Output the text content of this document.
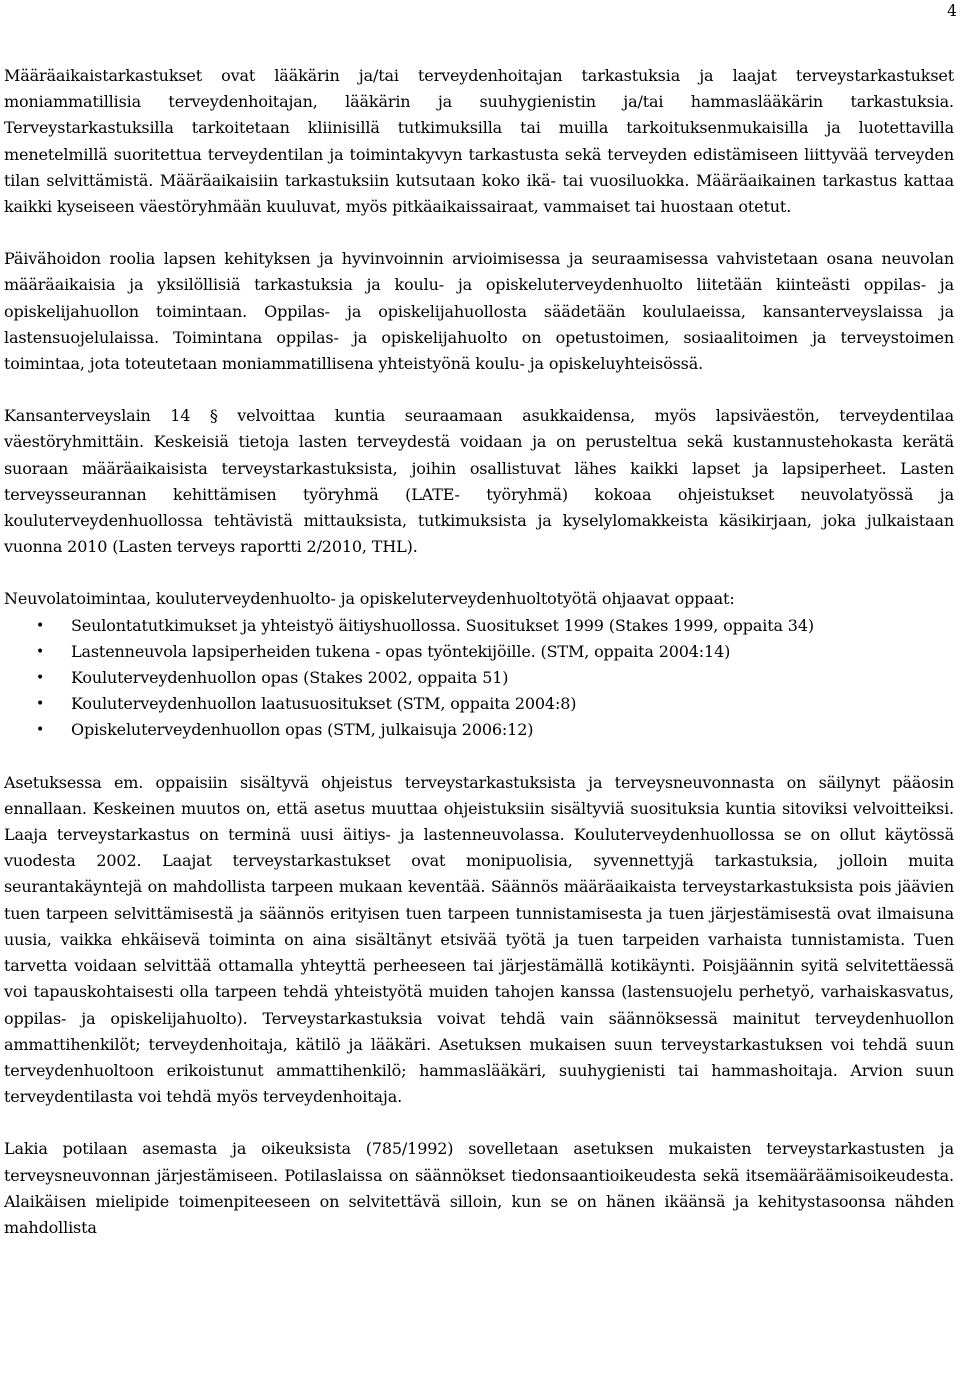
4

Määräaikaistarkastukset ovat lääkärin ja/tai terveydenhoitajan tarkastuksia ja laajat terveystarkastukset moniammatillisia terveydenhoitajan, lääkärin ja suuhygienistin ja/tai hammaslääkärin tarkastuksia. Terveystarkastuksilla tarkoitetaan kliinisillä tutkimuksilla tai muilla tarkoituksenmukaisilla ja luotettavilla menetelmillä suoritettua terveydentilan ja toimintakyvyn tarkastusta sekä terveyden edistämiseen liittyvää terveyden tilan selvittämistä. Määräaikaisiin tarkastuksiin kutsutaan koko ikä- tai vuosiluokka. Määräaikainen tarkastus kattaa kaikki kyseiseen väestöryhmään kuuluvat, myös pitkäaikaissairaat, vammaiset tai huostaan otetut.

Päivähoidon roolia lapsen kehityksen ja hyvinvoinnin arvioimisessa ja seuraamisessa vahvistetaan osana neuvolan määräaikaisia ja yksilöllisiä tarkastuksia ja koulu- ja opiskeluterveydenhuolto liitetään kiinteästi oppilas- ja opiskelijahuollon toimintaan. Oppilas- ja opiskelijahuollosta säädetään koululaeissa, kansanterveyslaissa ja lastensuojelulaissa. Toimintana oppilas- ja opiskelijahuolto on opetustoimen, sosiaalitoimen ja terveystoimen toimintaa, jota toteutetaan moniammatillisena yhteistyönä koulu- ja opiskeluyhteisössä.

Kansanterveyslain 14 § velvoittaa kuntia seuraamaan asukkaidensa, myös lapsiväestön, terveydentilaa väestöryhmittäin. Keskeisiä tietoja lasten terveydestä voidaan ja on perusteltua sekä kustannustehokasta kerätä suoraan määräaikaisista terveystarkastuksista, joihin osallistuvat lähes kaikki lapset ja lapsiperheet. Lasten terveysseurannan kehittämisen työryhmä (LATE- työryhmä) kokoaa ohjeistukset neuvolatyössä ja kouluterveydenhuollossa tehtävistä mittauksista, tutkimuksista ja kyselylomakkeista käsikirjaan, joka julkaistaan vuonna 2010 (Lasten terveys raportti 2/2010, THL).

Neuvolatoimintaa, kouluterveydenhuolto- ja opiskeluterveydenhuoltotyötä ohjaavat oppaat:

• Seulontatutkimukset ja yhteistyö äitiyshuollossa. Suositukset 1999 (Stakes 1999, oppaita 34)
• Lastenneuvola lapsiperheiden tukena - opas työntekijöille. (STM, oppaita 2004:14)
• Kouluterveydenhuollon opas (Stakes 2002, oppaita 51)
• Kouluterveydenhuollon laatusuositukset (STM, oppaita 2004:8)
• Opiskeluterveydenhuollon opas (STM, julkaisuja 2006:12)

Asetuksessa em. oppaisiin sisältyvä ohjeistus terveystarkastuksista ja terveysneuvonnasta on säilynyt pääosin ennallaan. Keskeinen muutos on, että asetus muuttaa ohjeistuksiin sisältyviä suosituksia kuntia sitoviksi velvoitteiksi. Laaja terveystarkastus on terminä uusi äitiys- ja lastenneuvolassa. Kouluterveydenhuollossa se on ollut käytössä vuodesta 2002. Laajat terveystarkastukset ovat monipuolisia, syvennettyjä tarkastuksia, jolloin muita seurantakäyntejä on mahdollista tarpeen mukaan keventää. Säännös määräaikaista terveystarkastuksista pois jäävien tuen tarpeen selvittämisestä ja säännös erityisen tuen tarpeen tunnistamisesta ja tuen järjestämisestä ovat ilmaisuna uusia, vaikka ehkäisevä toiminta on aina sisältänyt etsivää työtä ja tuen tarpeiden varhaista tunnistamista. Tuen tarvetta voidaan selvittää ottamalla yhteyttä perheeseen tai järjestämällä kotikäynti. Poisjäännin syitä selvitettäessä voi tapauskohtaisesti olla tarpeen tehdä yhteistyötä muiden tahojen kanssa (lastensuojelu perhetyö, varhaiskasvatus, oppilas- ja opiskelijahuolto). Terveystarkastuksia voivat tehdä vain säännöksessä mainitut terveydenhuollon ammattihenkilöt; terveydenhoitaja, kätilö ja lääkäri. Asetuksen mukaisen suun terveystarkastuksen voi tehdä suun terveydenhuoltoon erikoistunut ammattihenkilö; hammaslääkäri, suuhygienisti tai hammashoitaja. Arvion suun terveydentilasta voi tehdä myös terveydenhoitaja.

Lakia potilaan asemasta ja oikeuksista (785/1992) sovelletaan asetuksen mukaisten terveystarkastusten ja terveysneuvonnan järjestämiseen. Potilaslaissa on säännökset tiedonsaantioikeudesta sekä itsemääräämisoikeudesta. Alaikäisen mielipide toimenpiteeseen on selvitettävä silloin, kun se on hänen ikäänsä ja kehitystasoonsa nähden mahdollista
